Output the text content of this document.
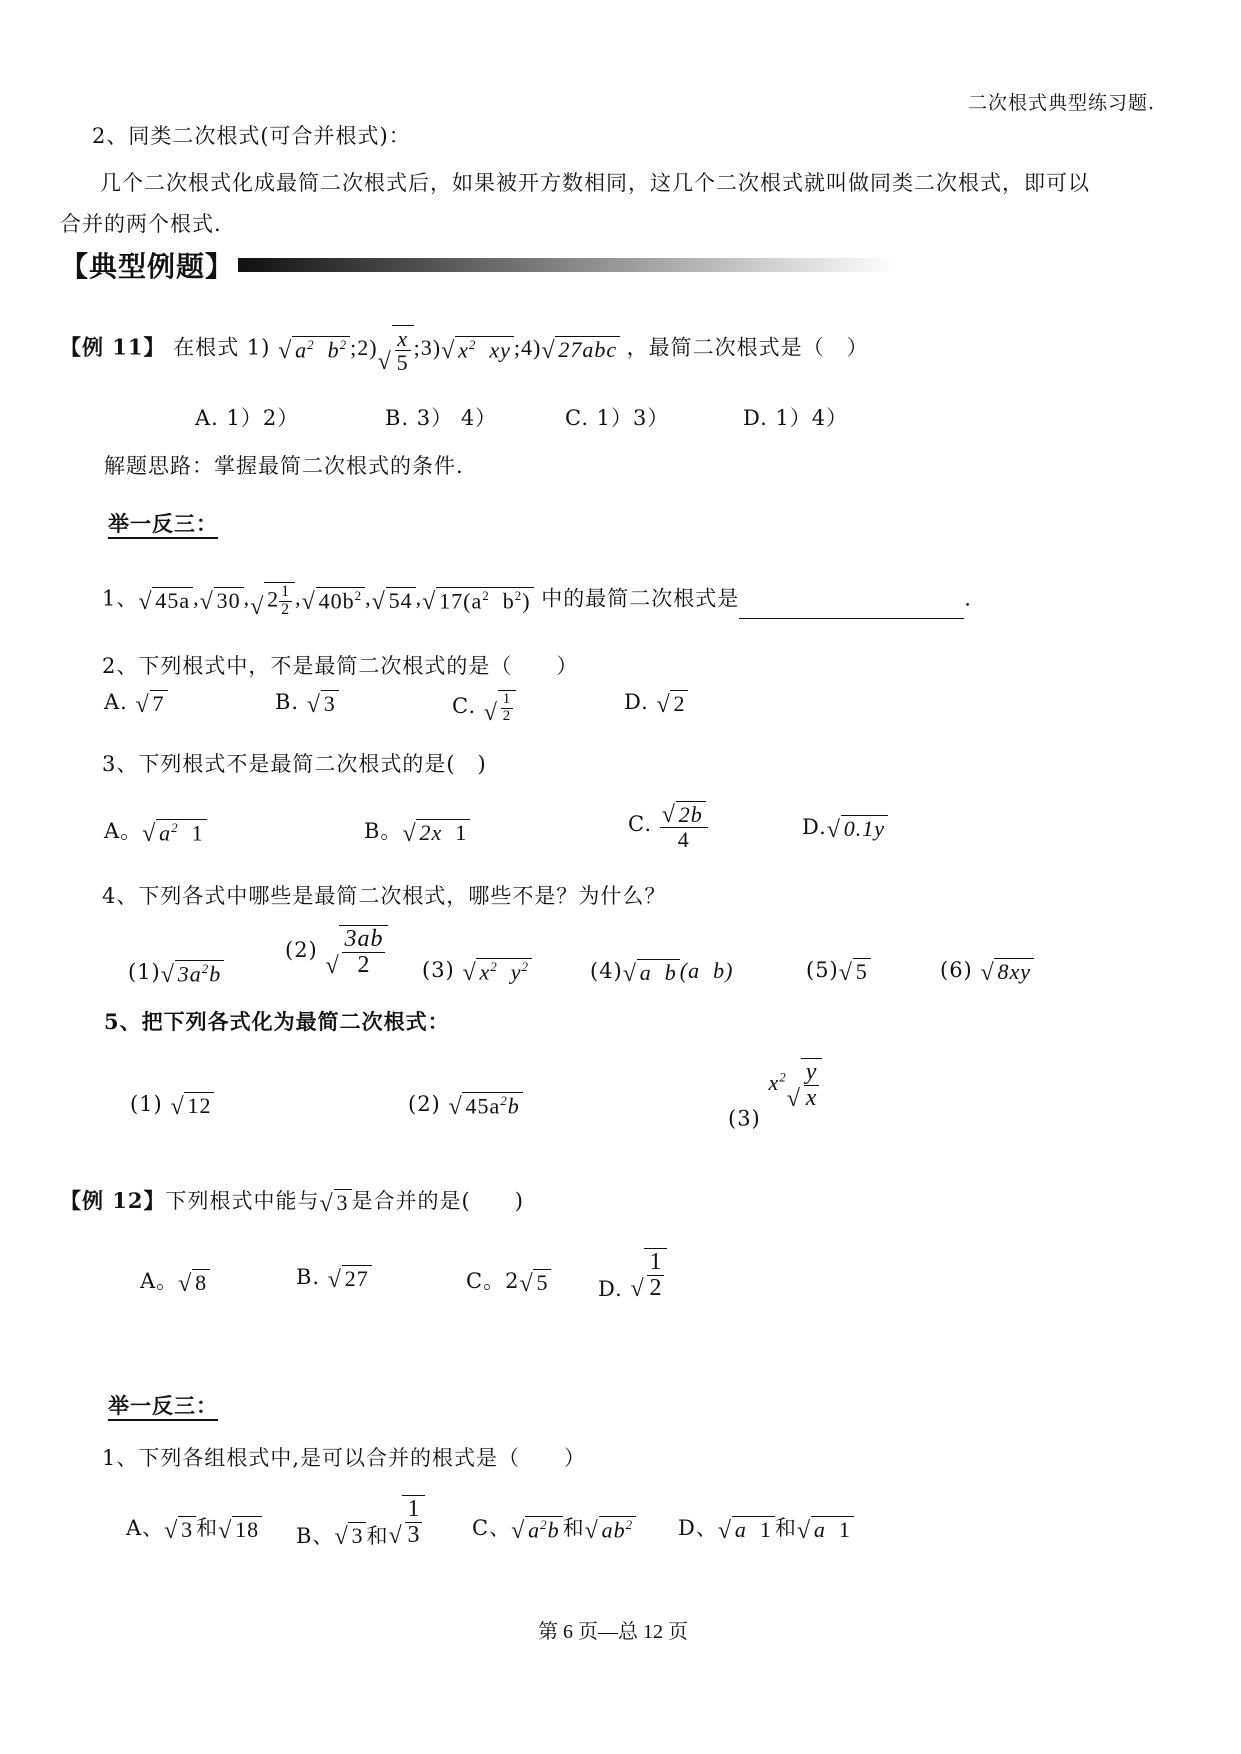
二次根式典型练习题.
2、同类二次根式(可合并根式)：
几个二次根式化成最简二次根式后，如果被开方数相同，这几个二次根式就叫做同类二次根式，即可以
合并的两个根式.
【典型例题】
【例 11】 在根式 1) √ $a^2$ $b^2$ ;2) √ $\frac{x}{5}$ ;3) √ $x^2$ xy ;4) √ 27abc ，最简二次根式是（　）
A. 1）2）	B. 3） 4）	C. 1）3）	D. 1）4）
解题思路：掌握最简二次根式的条件.
举一反三：
1、 √ 45a , √ 30 , √ $2 \frac{1}{2}$ , √ $40b^2$ , √ 54 , √ $17(a^2$ $b^2$) 中的最简二次根式是	.
2、下列根式中，不是最简二次根式的是（　　）
A. √ 7	B. √ 3	C. √ $\frac{1}{2}$	D. √ 2
3、下列根式不是最简二次根式的是(　)
A。 √ $a^2$ 1	B。 √ 2x 1	C. √ $\frac{2b}{4}$	D. √ 0.1y
4、下列各式中哪些是最简二次根式，哪些不是？为什么？
(1) √ $3a^2b$
(2) √ $\frac{3ab}{2} (3)$ √ $x^2$ $y^2$	(4) √ a b (a b)	(5) √ 5	(6) √ 8xy
5、把下列各式化为最简二次根式：
(1) √ 12	(2) √ $45a^2b$
(3) $x^2$ √ $\frac{y}{x}$
【例 12】下列根式中能与 √ 3 是合并的是(　　)
A。 √ 8	B. √ 27	C。2 √ 5 D. √ $\frac{1}{2}$
举一反三：
1、下列各组根式中,是可以合并的根式是（　　）
A、 √ 3 和 √ 18 B、 √ 3 和 √ $\frac{1}{3}$ C、 √ $a^2b$ 和 √ $ab^2$ D、 √ a 1 和 √ a 1
第 6 页—总 12 页
